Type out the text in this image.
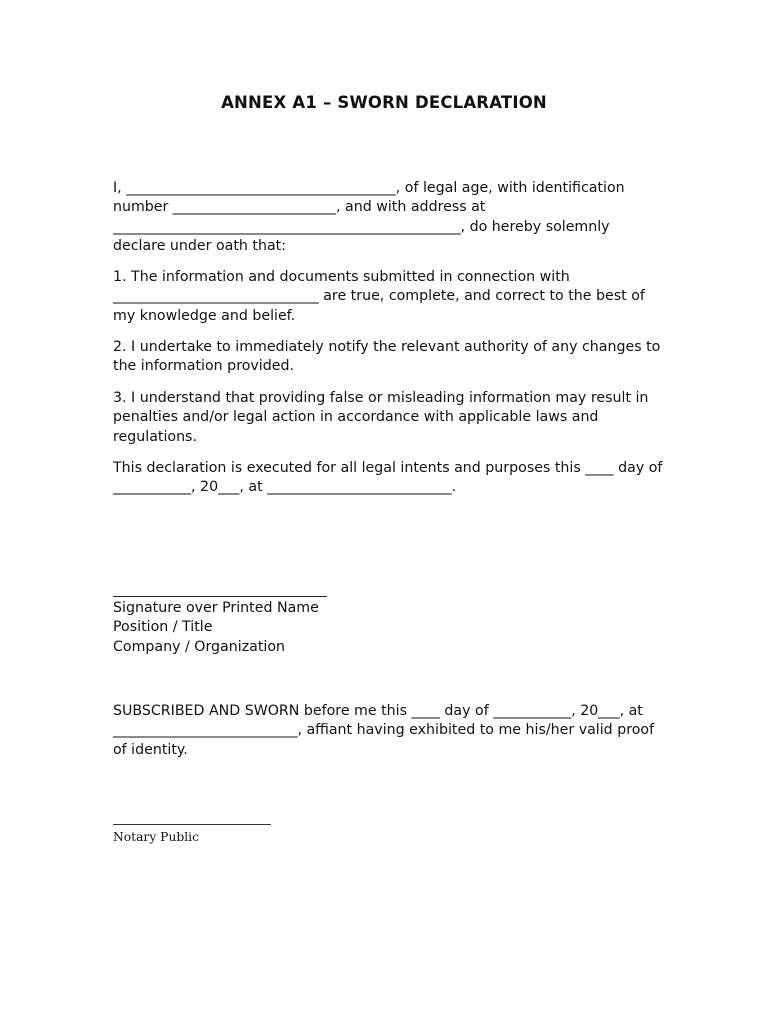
ANNEX A1 – SWORN DECLARATION
I, ______________________________________, of legal age, with identification
number _______________________, and with address at
_________________________________________________, do hereby solemnly
declare under oath that:
1. The information and documents submitted in connection with
_____________________________ are true, complete, and correct to the best of
my knowledge and belief.
2. I undertake to immediately notify the relevant authority of any changes to
the information provided.
3. I understand that providing false or misleading information may result in
penalties and/or legal action in accordance with applicable laws and
regulations.
This declaration is executed for all legal intents and purposes this ____ day of
___________, 20___, at __________________________.
Signature over Printed Name
Position / Title
Company / Organization
SUBSCRIBED AND SWORN before me this ____ day of ___________, 20___, at
__________________________, affiant having exhibited to me his/her valid proof
of identity.
Notary Public
